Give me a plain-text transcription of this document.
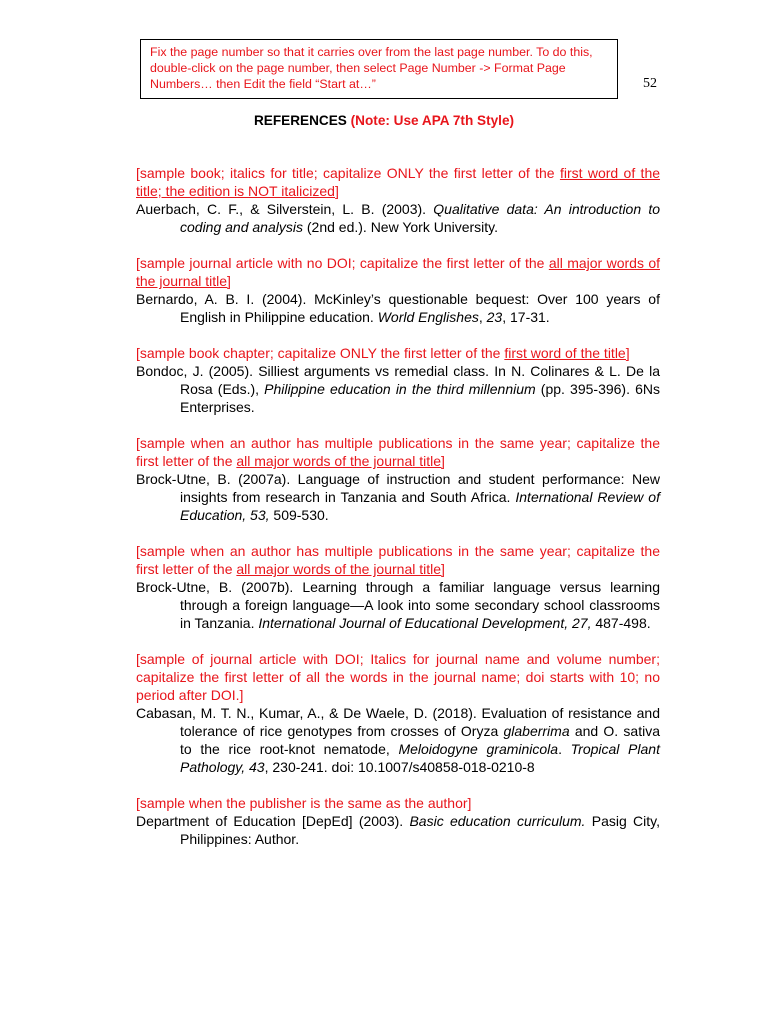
Fix the page number so that it carries over from the last page number. To do this, double-click on the page number, then select Page Number -> Format Page Numbers… then Edit the field “Start at…”	52
REFERENCES (Note: Use APA 7th Style)
[sample book; italics for title; capitalize ONLY the first letter of the first word of the title; the edition is NOT italicized]
Auerbach, C. F., & Silverstein, L. B. (2003). Qualitative data: An introduction to coding and analysis (2nd ed.). New York University.
[sample journal article with no DOI; capitalize the first letter of the all major words of the journal title]
Bernardo, A. B. I. (2004). McKinley’s questionable bequest: Over 100 years of English in Philippine education. World Englishes, 23, 17-31.
[sample book chapter; capitalize ONLY the first letter of the first word of the title]
Bondoc, J. (2005). Silliest arguments vs remedial class. In N. Colinares & L. De la Rosa (Eds.), Philippine education in the third millennium (pp. 395-396). 6Ns Enterprises.
[sample when an author has multiple publications in the same year; capitalize the first letter of the all major words of the journal title]
Brock-Utne, B. (2007a). Language of instruction and student performance: New insights from research in Tanzania and South Africa. International Review of Education, 53, 509-530.
[sample when an author has multiple publications in the same year; capitalize the first letter of the all major words of the journal title]
Brock-Utne, B. (2007b). Learning through a familiar language versus learning through a foreign language—A look into some secondary school classrooms in Tanzania. International Journal of Educational Development, 27, 487-498.
[sample of journal article with DOI; Italics for journal name and volume number; capitalize the first letter of all the words in the journal name; doi starts with 10; no period after DOI.]
Cabasan, M. T. N., Kumar, A., & De Waele, D. (2018). Evaluation of resistance and tolerance of rice genotypes from crosses of Oryza glaberrima and O. sativa to the rice root-knot nematode, Meloidogyne graminicola. Tropical Plant Pathology, 43, 230-241. doi: 10.1007/s40858-018-0210-8
[sample when the publisher is the same as the author]
Department of Education [DepEd] (2003). Basic education curriculum. Pasig City, Philippines: Author.
